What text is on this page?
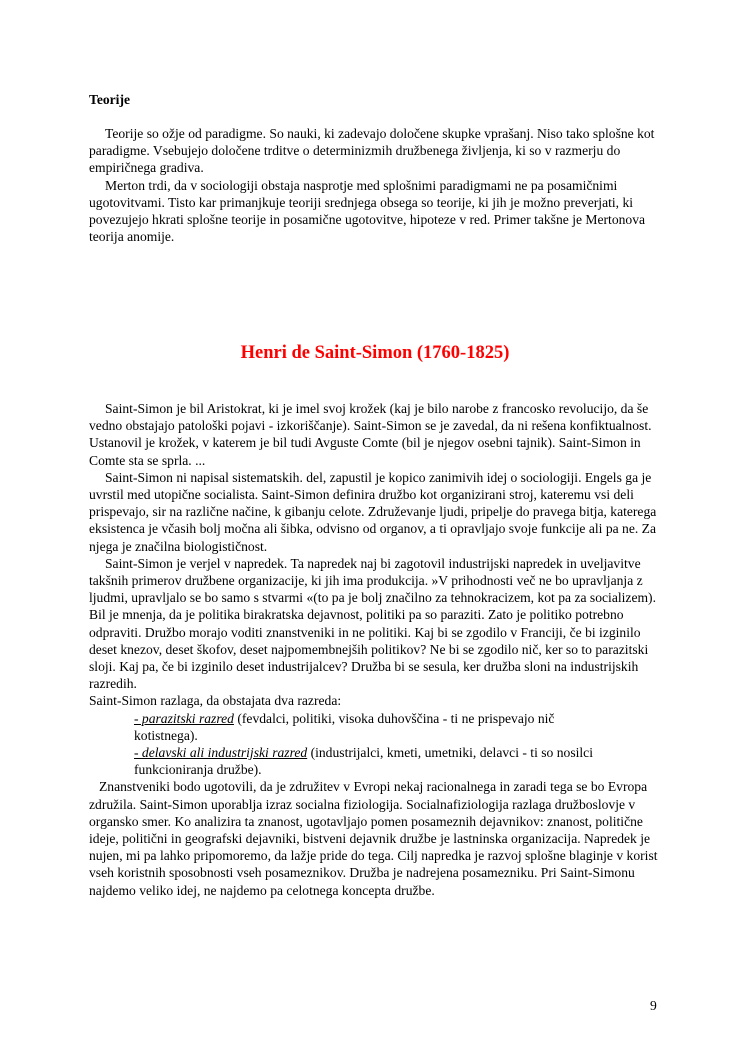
Teorije

Teorije so ožje od paradigme. So nauki, ki zadevajo določene skupke vprašanj. Niso tako splošne kot paradigme. Vsebujejo določene trditve o determinizmih družbenega življenja, ki so v razmerju do empiričnega gradiva.

Merton trdi, da v sociologiji obstaja nasprotje med splošnimi paradigmami ne pa posamičnimi ugotovitvami. Tisto kar primanjkuje teoriji srednjega obsega so teorije, ki jih je možno preverjati, ki povezujejo hkrati splošne teorije in posamične ugotovitve, hipoteze v red. Primer takšne je Mertonova teorija anomije.

Henri de Saint-Simon (1760-1825)

Saint-Simon je bil Aristokrat, ki je imel svoj krožek (kaj je bilo narobe z francosko revolucijo, da še vedno obstajajo patološki pojavi - izkoriščanje). Saint-Simon se je zavedal, da ni rešena konfiktualnost. Ustanovil je krožek, v katerem je bil tudi Avguste Comte (bil je njegov osebni tajnik). Saint-Simon in Comte sta se sprla. ...

Saint-Simon ni napisal sistematskih. del, zapustil je kopico zanimivih idej o sociologiji. Engels ga je uvrstil med utopične socialista. Saint-Simon definira družbo kot organizirani stroj, kateremu vsi deli prispevajo, sir na različne načine, k gibanju celote. Združevanje ljudi, pripelje do pravega bitja, katerega eksistenca je včasih bolj močna ali šibka, odvisno od organov, a ti opravljajo svoje funkcije ali pa ne. Za njega je značilna biologističnost.

Saint-Simon je verjel v napredek. Ta napredek naj bi zagotovil industrijski napredek in uveljavitve takšnih primerov družbene organizacije, ki jih ima produkcija. »V prihodnosti več ne bo upravljanja z ljudmi, upravljalo se bo samo s stvarmi «(to pa je bolj značilno za tehnokracizem, kot pa za socializem). Bil je mnenja, da je politika birakratska dejavnost, politiki pa so paraziti. Zato je politiko potrebno odpraviti. Družbo morajo voditi znanstveniki in ne politiki. Kaj bi se zgodilo v Franciji, če bi izginilo deset knezov, deset škofov, deset najpomembnejših politikov? Ne bi se zgodilo nič, ker so to parazitski sloji. Kaj pa, če bi izginilo deset industrijalcev? Družba bi se sesula, ker družba sloni na industrijskih razredih.

Saint-Simon razlaga, da obstajata dva razreda:

- parazitski razred (fevdalci, politiki, visoka duhovščina - ti ne prispevajo nič
kotistnega).
- delavski ali industrijski razred (industrijalci, kmeti, umetniki, delavci - ti so nosilci
funkcioniranja družbe).

Znanstveniki bodo ugotovili, da je združitev v Evropi nekaj racionalnega in zaradi tega se bo Evropa združila. Saint-Simon uporablja izraz socialna fiziologija. Socialnafiziologija razlaga družboslovje v organsko smer. Ko analizira ta znanost, ugotavljajo pomen posameznih dejavnikov: znanost, politične ideje, politični in geografski dejavniki, bistveni dejavnik družbe je lastninska organizacija. Napredek je nujen, mi pa lahko pripomoremo, da lažje pride do tega. Cilj napredka je razvoj splošne blaginje v korist vseh koristnih sposobnosti vseh posameznikov. Družba je nadrejena posamezniku. Pri Saint-Simonu najdemo veliko idej, ne najdemo pa celotnega koncepta družbe.

9
